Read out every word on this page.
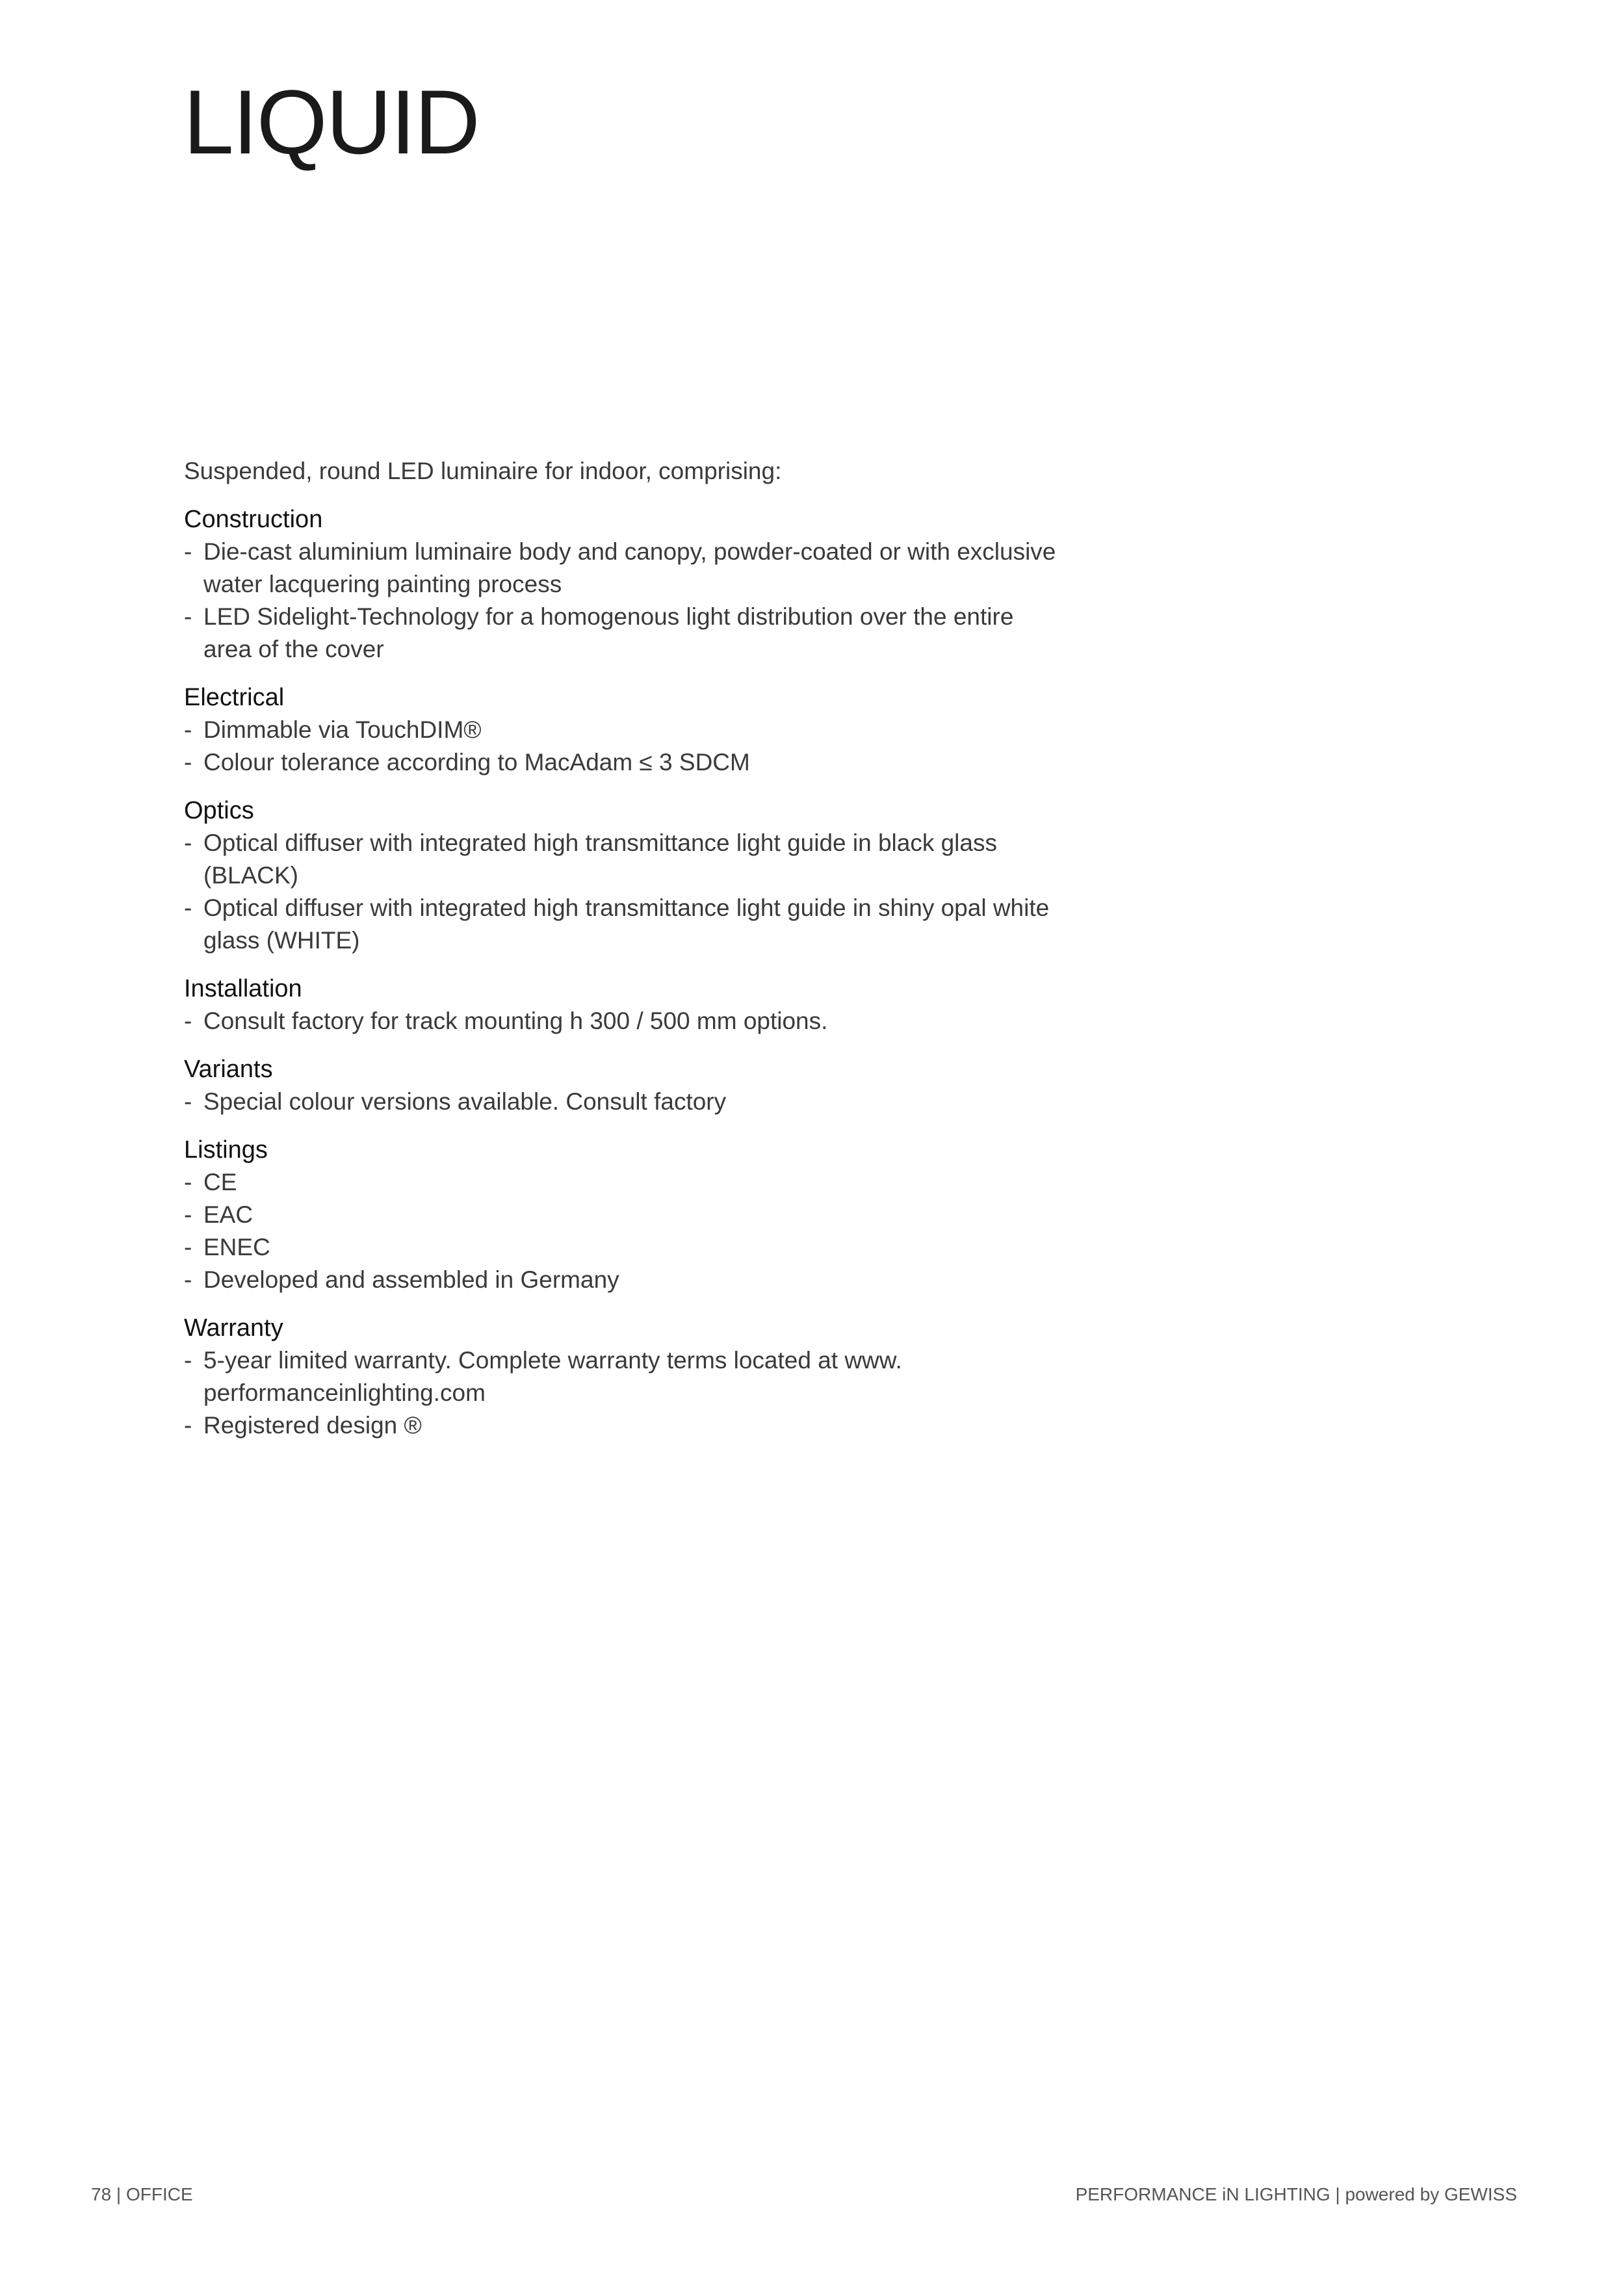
LIQUID

Suspended, round LED luminaire for indoor, comprising:

Construction

- Die-cast aluminium luminaire body and canopy, powder-coated or with exclusive water lacquering painting process
- LED Sidelight-Technology for a homogenous light distribution over the entire area of the cover

Electrical

- Dimmable via TouchDIM®
- Colour tolerance according to MacAdam ≤ 3 SDCM

Optics

- Optical diffuser with integrated high transmittance light guide in black glass (BLACK)
- Optical diffuser with integrated high transmittance light guide in shiny opal white glass (WHITE)

Installation

- Consult factory for track mounting h 300 / 500 mm options.

Variants

- Special colour versions available. Consult factory

Listings

- CE
- EAC
- ENEC
- Developed and assembled in Germany

Warranty

- 5-year limited warranty. Complete warranty terms located at www. performanceinlighting.com
- Registered design ®
78 | OFFICE	PERFORMANCE iN LIGHTING | powered by GEWISS
